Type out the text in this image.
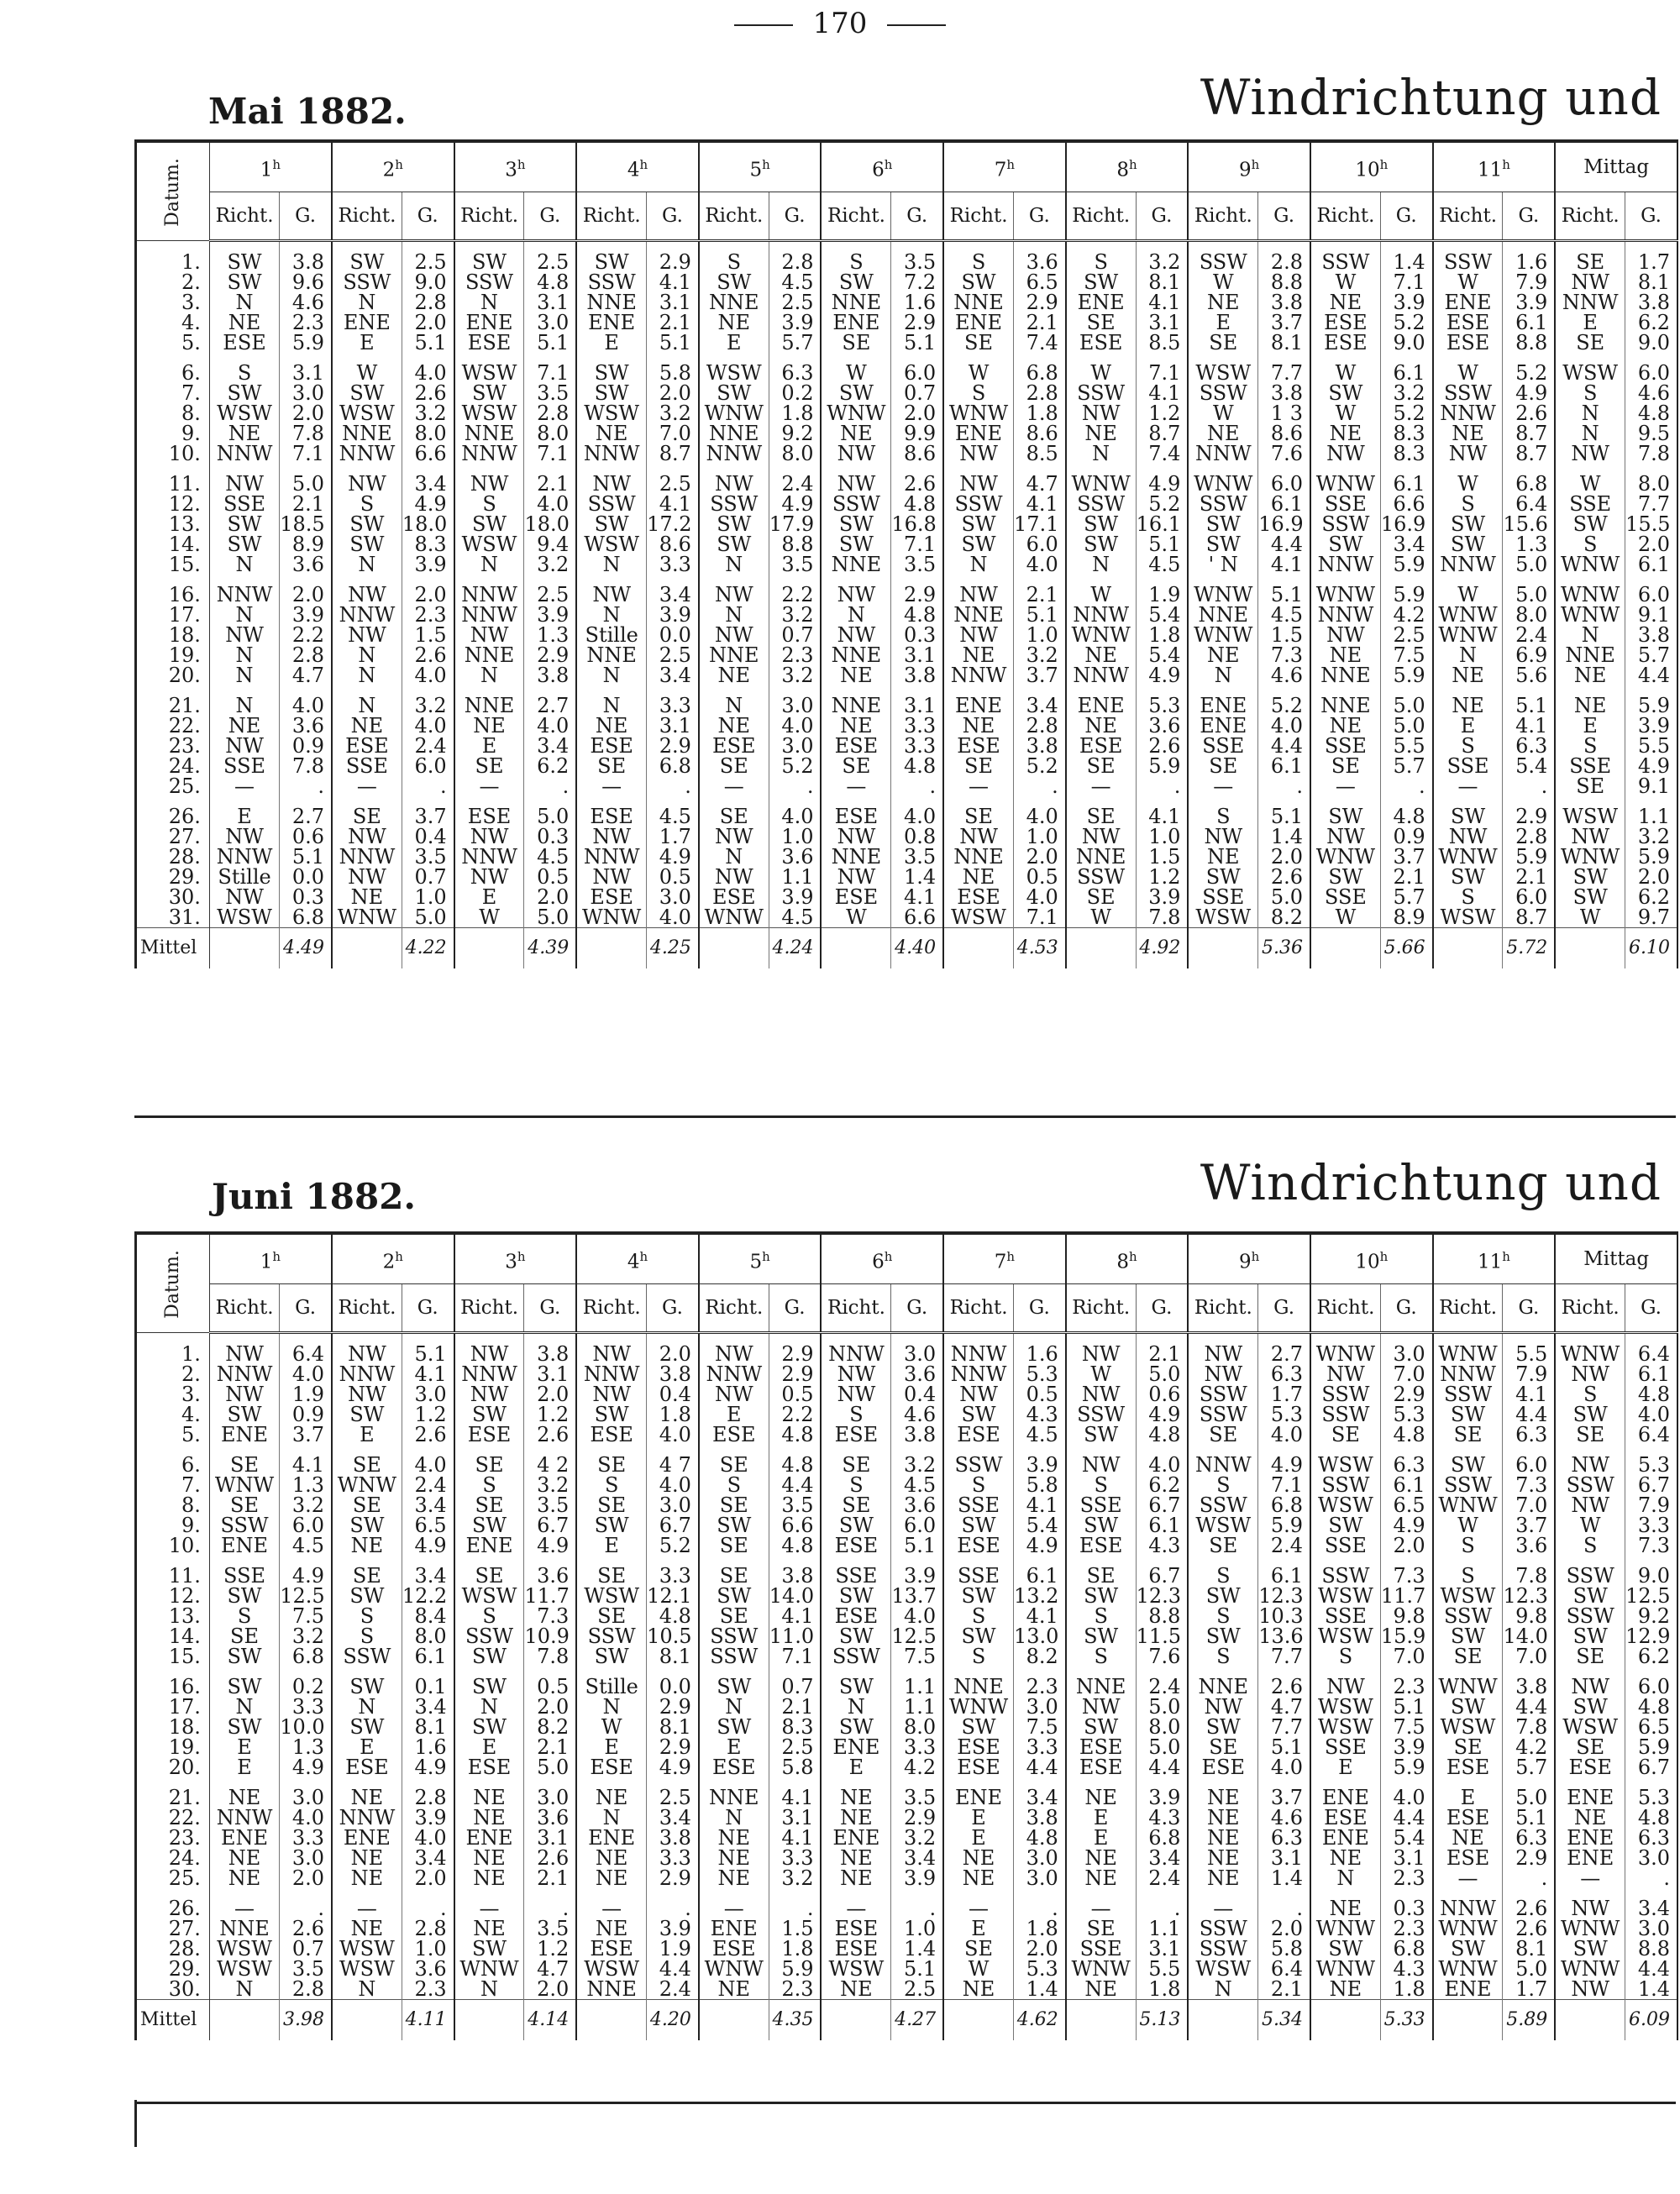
170
Mai 1882.	Windrichtung und
Datum.	1$^h$		2$^h$		3$^h$		4$^h$		5$^h$		6$^h$		7$^h$		8$^h$		9$^h$		10$^h$		11$^h$		Mittag	
	Richt.	G.	Richt.	G.	Richt.	G.	Richt.	G.	Richt.	G.	Richt.	G.	Richt.	G.	Richt.	G.	Richt.	G.	Richt.	G.	Richt.	G.	Richt.	G.
1.	SW	3.8	SW	2.5	SW	2.5	SW	2.9	S	2.8	S	3.5	S	3.6	S	3.2	SSW	2.8	SSW	1.4	SSW	1.6	SE	1.7
2.	SW	9.6	SSW	9.0	SSW	4.8	SSW	4.1	SW	4.5	SW	7.2	SW	6.5	SW	8.1	W	8.8	W	7.1	W	7.9	NW	8.1
3.	N	4.6	N	2.8	N	3.1	NNE	3.1	NNE	2.5	NNE	1.6	NNE	2.9	ENE	4.1	NE	3.8	NE	3.9	ENE	3.9	NNW	3.8
4.	NE	2.3	ENE	2.0	ENE	3.0	ENE	2.1	NE	3.9	ENE	2.9	ENE	2.1	SE	3.1	E	3.7	ESE	5.2	ESE	6.1	E	6.2
5.	ESE	5.9	E	5.1	ESE	5.1	E	5.1	E	5.7	SE	5.1	SE	7.4	ESE	8.5	SE	8.1	ESE	9.0	ESE	8.8	SE	9.0
6.	S	3.1	W	4.0	WSW	7.1	SW	5.8	WSW	6.3	W	6.0	W	6.8	W	7.1	WSW	7.7	W	6.1	W	5.2	WSW	6.0
7.	SW	3.0	SW	2.6	SW	3.5	SW	2.0	SW	0.2	SW	0.7	S	2.8	SSW	4.1	SSW	3.8	SW	3.2	SSW	4.9	S	4.6
8.	WSW	2.0	WSW	3.2	WSW	2.8	WSW	3.2	WNW	1.8	WNW	2.0	WNW	1.8	NW	1.2	W	1 3	W	5.2	NNW	2.6	N	4.8
9.	NE	7.8	NNE	8.0	NNE	8.0	NE	7.0	NNE	9.2	NE	9.9	ENE	8.6	NE	8.7	NE	8.6	NE	8.3	NE	8.7	N	9.5
10.	NNW	7.1	NNW	6.6	NNW	7.1	NNW	8.7	NNW	8.0	NW	8.6	NW	8.5	N	7.4	NNW	7.6	NW	8.3	NW	8.7	NW	7.8
11.	NW	5.0	NW	3.4	NW	2.1	NW	2.5	NW	2.4	NW	2.6	NW	4.7	WNW	4.9	WNW	6.0	WNW	6.1	W	6.8	W	8.0
12.	SSE	2.1	S	4.9	S	4.0	SSW	4.1	SSW	4.9	SSW	4.8	SSW	4.1	SSW	5.2	SSW	6.1	SSE	6.6	S	6.4	SSE	7.7
13.	SW	18.5	SW	18.0	SW	18.0	SW	17.2	SW	17.9	SW	16.8	SW	17.1	SW	16.1	SW	16.9	SSW	16.9	SW	15.6	SW	15.5
14.	SW	8.9	SW	8.3	WSW	9.4	WSW	8.6	SW	8.8	SW	7.1	SW	6.0	SW	5.1	SW	4.4	SW	3.4	SW	1.3	S	2.0
15.	N	3.6	N	3.9	N	3.2	N	3.3	N	3.5	NNE	3.5	N	4.0	N	4.5	' N	4.1	NNW	5.9	NNW	5.0	WNW	6.1
16.	NNW	2.0	NW	2.0	NNW	2.5	NW	3.4	NW	2.2	NW	2.9	NW	2.1	W	1.9	WNW	5.1	WNW	5.9	W	5.0	WNW	6.0
17.	N	3.9	NNW	2.3	NNW	3.9	N	3.9	N	3.2	N	4.8	NNE	5.1	NNW	5.4	NNE	4.5	NNW	4.2	WNW	8.0	WNW	9.1
18.	NW	2.2	NW	1.5	NW	1.3	Stille	0.0	NW	0.7	NW	0.3	NW	1.0	WNW	1.8	WNW	1.5	NW	2.5	WNW	2.4	N	3.8
19.	N	2.8	N	2.6	NNE	2.9	NNE	2.5	NNE	2.3	NNE	3.1	NE	3.2	NE	5.4	NE	7.3	NE	7.5	N	6.9	NNE	5.7
20.	N	4.7	N	4.0	N	3.8	N	3.4	NE	3.2	NE	3.8	NNW	3.7	NNW	4.9	N	4.6	NNE	5.9	NE	5.6	NE	4.4
21.	N	4.0	N	3.2	NNE	2.7	N	3.3	N	3.0	NNE	3.1	ENE	3.4	ENE	5.3	ENE	5.2	NNE	5.0	NE	5.1	NE	5.9
22.	NE	3.6	NE	4.0	NE	4.0	NE	3.1	NE	4.0	NE	3.3	NE	2.8	NE	3.6	ENE	4.0	NE	5.0	E	4.1	E	3.9
23.	NW	0.9	ESE	2.4	E	3.4	ESE	2.9	ESE	3.0	ESE	3.3	ESE	3.8	ESE	2.6	SSE	4.4	SSE	5.5	S	6.3	S	5.5
24.	SSE	7.8	SSE	6.0	SE	6.2	SE	6.8	SE	5.2	SE	4.8	SE	5.2	SE	5.9	SE	6.1	SE	5.7	SSE	5.4	SSE	4.9
25.	—	.	—	.	—	.	—	.	—	.	—	.	—	.	—	.	—	.	—	.	—	.	SE	9.1
26.	E	2.7	SE	3.7	ESE	5.0	ESE	4.5	SE	4.0	ESE	4.0	SE	4.0	SE	4.1	S	5.1	SW	4.8	SW	2.9	WSW	1.1
27.	NW	0.6	NW	0.4	NW	0.3	NW	1.7	NW	1.0	NW	0.8	NW	1.0	NW	1.0	NW	1.4	NW	0.9	NW	2.8	NW	3.2
28.	NNW	5.1	NNW	3.5	NNW	4.5	NNW	4.9	N	3.6	NNE	3.5	NNE	2.0	NNE	1.5	NE	2.0	WNW	3.7	WNW	5.9	WNW	5.9
29.	Stille	0.0	NW	0.7	NW	0.5	NW	0.5	NW	1.1	NW	1.4	NE	0.5	SSW	1.2	SW	2.6	SW	2.1	SW	2.1	SW	2.0
30.	NW	0.3	NE	1.0	E	2.0	ESE	3.0	ESE	3.9	ESE	4.1	ESE	4.0	SE	3.9	SSE	5.0	SSE	5.7	S	6.0	SW	6.2
31.	WSW	6.8	WNW	5.0	W	5.0	WNW	4.0	WNW	4.5	W	6.6	WSW	7.1	W	7.8	WSW	8.2	W	8.9	WSW	8.7	W	9.7
Mittel		4.49		4.22		4.39		4.25		4.24		4.40		4.53		4.92		5.36		5.66		5.72		6.10
Juni 1882.	Windrichtung und
Datum.	1$^h$		2$^h$		3$^h$		4$^h$		5$^h$		6$^h$		7$^h$		8$^h$		9$^h$		10$^h$		11$^h$		Mittag	
	Richt.	G.	Richt.	G.	Richt.	G.	Richt.	G.	Richt.	G.	Richt.	G.	Richt.	G.	Richt.	G.	Richt.	G.	Richt.	G.	Richt.	G.	Richt.	G.
1.	NW	6.4	NW	5.1	NW	3.8	NW	2.0	NW	2.9	NNW	3.0	NNW	1.6	NW	2.1	NW	2.7	WNW	3.0	WNW	5.5	WNW	6.4
2.	NNW	4.0	NNW	4.1	NNW	3.1	NNW	3.8	NNW	2.9	NW	3.6	NNW	5.3	W	5.0	NW	6.3	NW	7.0	NNW	7.9	NW	6.1
3.	NW	1.9	NW	3.0	NW	2.0	NW	0.4	NW	0.5	NW	0.4	NW	0.5	NW	0.6	SSW	1.7	SSW	2.9	SSW	4.1	S	4.8
4.	SW	0.9	SW	1.2	SW	1.2	SW	1.8	E	2.2	S	4.6	SW	4.3	SSW	4.9	SSW	5.3	SSW	5.3	SW	4.4	SW	4.0
5.	ENE	3.7	E	2.6	ESE	2.6	ESE	4.0	ESE	4.8	ESE	3.8	ESE	4.5	SW	4.8	SE	4.0	SE	4.8	SE	6.3	SE	6.4
6.	SE	4.1	SE	4.0	SE	4 2	SE	4 7	SE	4.8	SE	3.2	SSW	3.9	NW	4.0	NNW	4.9	WSW	6.3	SW	6.0	NW	5.3
7.	WNW	1.3	WNW	2.4	S	3.2	S	4.0	S	4.4	S	4.5	S	5.8	S	6.2	S	7.1	SSW	6.1	SSW	7.3	SSW	6.7
8.	SE	3.2	SE	3.4	SE	3.5	SE	3.0	SE	3.5	SE	3.6	SSE	4.1	SSE	6.7	SSW	6.8	WSW	6.5	WNW	7.0	NW	7.9
9.	SSW	6.0	SW	6.5	SW	6.7	SW	6.7	SW	6.6	SW	6.0	SW	5.4	SW	6.1	WSW	5.9	SW	4.9	W	3.7	W	3.3
10.	ENE	4.5	NE	4.9	ENE	4.9	E	5.2	SE	4.8	ESE	5.1	ESE	4.9	ESE	4.3	SE	2.4	SSE	2.0	S	3.6	S	7.3
11.	SSE	4.9	SE	3.4	SE	3.6	SE	3.3	SE	3.8	SSE	3.9	SSE	6.1	SE	6.7	S	6.1	SSW	7.3	S	7.8	SSW	9.0
12.	SW	12.5	SW	12.2	WSW	11.7	WSW	12.1	SW	14.0	SW	13.7	SW	13.2	SW	12.3	SW	12.3	WSW	11.7	WSW	12.3	SW	12.5
13.	S	7.5	S	8.4	S	7.3	SE	4.8	SE	4.1	ESE	4.0	S	4.1	S	8.8	S	10.3	SSE	9.8	SSW	9.8	SSW	9.2
14.	SE	3.2	S	8.0	SSW	10.9	SSW	10.5	SSW	11.0	SW	12.5	SW	13.0	SW	11.5	SW	13.6	WSW	15.9	SW	14.0	SW	12.9
15.	SW	6.8	SSW	6.1	SW	7.8	SW	8.1	SSW	7.1	SSW	7.5	S	8.2	S	7.6	S	7.7	S	7.0	SE	7.0	SE	6.2
16.	SW	0.2	SW	0.1	SW	0.5	Stille	0.0	SW	0.7	SW	1.1	NNE	2.3	NNE	2.4	NNE	2.6	NW	2.3	WNW	3.8	NW	6.0
17.	N	3.3	N	3.4	N	2.0	N	2.9	N	2.1	N	1.1	WNW	3.0	NW	5.0	NW	4.7	WSW	5.1	SW	4.4	SW	4.8
18.	SW	10.0	SW	8.1	SW	8.2	W	8.1	SW	8.3	SW	8.0	SW	7.5	SW	8.0	SW	7.7	WSW	7.5	WSW	7.8	WSW	6.5
19.	E	1.3	E	1.6	E	2.1	E	2.9	E	2.5	ENE	3.3	ESE	3.3	ESE	5.0	SE	5.1	SSE	3.9	SE	4.2	SE	5.9
20.	E	4.9	ESE	4.9	ESE	5.0	ESE	4.9	ESE	5.8	E	4.2	ESE	4.4	ESE	4.4	ESE	4.0	E	5.9	ESE	5.7	ESE	6.7
21.	NE	3.0	NE	2.8	NE	3.0	NE	2.5	NNE	4.1	NE	3.5	ENE	3.4	NE	3.9	NE	3.7	ENE	4.0	E	5.0	ENE	5.3
22.	NNW	4.0	NNW	3.9	NE	3.6	N	3.4	N	3.1	NE	2.9	E	3.8	E	4.3	NE	4.6	ESE	4.4	ESE	5.1	NE	4.8
23.	ENE	3.3	ENE	4.0	ENE	3.1	ENE	3.8	NE	4.1	ENE	3.2	E	4.8	E	6.8	NE	6.3	ENE	5.4	NE	6.3	ENE	6.3
24.	NE	3.0	NE	3.4	NE	2.6	NE	3.3	NE	3.3	NE	3.4	NE	3.0	NE	3.4	NE	3.1	NE	3.1	ESE	2.9	ENE	3.0
25.	NE	2.0	NE	2.0	NE	2.1	NE	2.9	NE	3.2	NE	3.9	NE	3.0	NE	2.4	NE	1.4	N	2.3	—	.	—	.
26.	—	.	—	.	—	.	—	.	—	.	—	.	—	.	—	.	—	.	NE	0.3	NNW	2.6	NW	3.4
27.	NNE	2.6	NE	2.8	NE	3.5	NE	3.9	ENE	1.5	ESE	1.0	E	1.8	SE	1.1	SSW	2.0	WNW	2.3	WNW	2.6	WNW	3.0
28.	WSW	0.7	WSW	1.0	SW	1.2	ESE	1.9	ESE	1.8	ESE	1.4	SE	2.0	SSE	3.1	SSW	5.8	SW	6.8	SW	8.1	SW	8.8
29.	WSW	3.5	WSW	3.6	WNW	4.7	WSW	4.4	WNW	5.9	WSW	5.1	W	5.3	WNW	5.5	WSW	6.4	WNW	4.3	WNW	5.0	WNW	4.4
30.	N	2.8	N	2.3	N	2.0	NNE	2.4	NE	2.3	NE	2.5	NE	1.4	NE	1.8	N	2.1	NE	1.8	ENE	1.7	NW	1.4
Mittel		3.98		4.11		4.14		4.20		4.35		4.27		4.62		5.13		5.34		5.33		5.89		6.09
